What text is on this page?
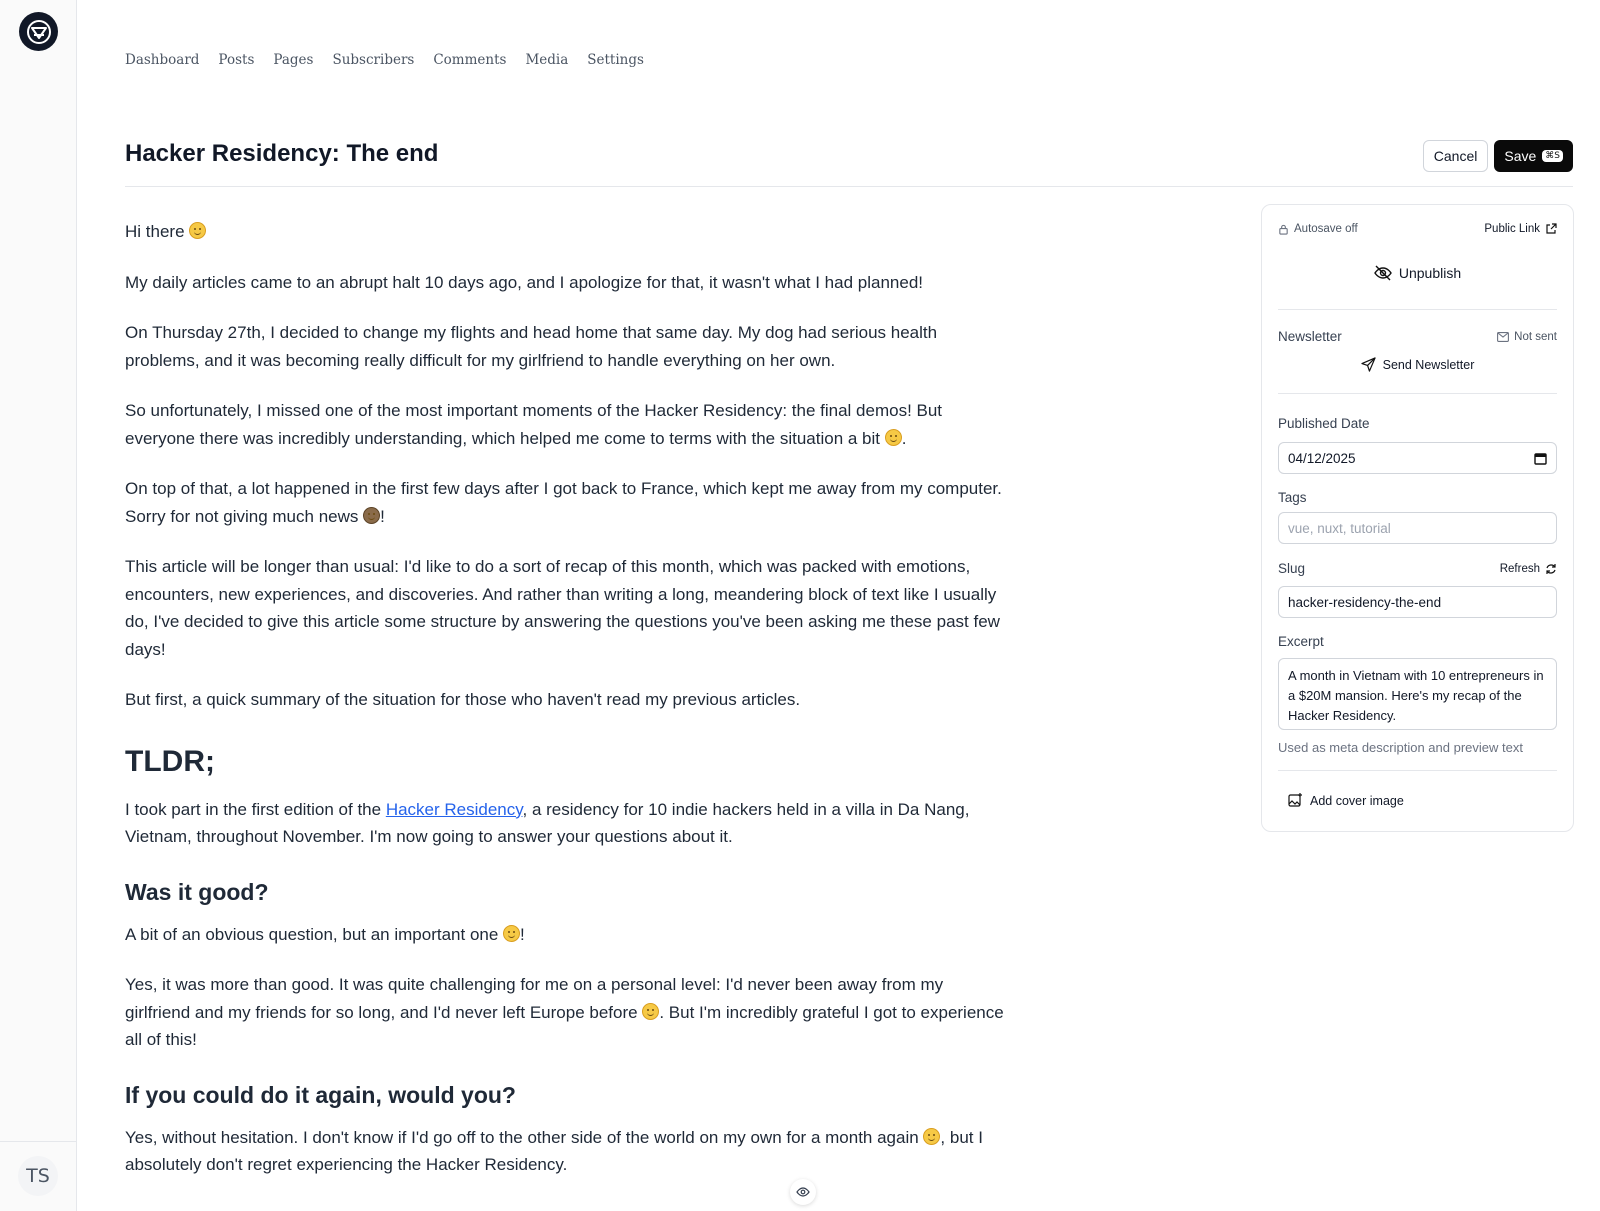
TS
Dashboard Posts Pages Subscribers Comments Media Settings
Hacker Residency: The end	Cancel	Save	⌘S

Hi there

My daily articles came to an abrupt halt 10 days ago, and I apologize for that, it wasn't what I had planned!

On Thursday 27th, I decided to change my flights and head home that same day. My dog had serious health problems, and it was becoming really difficult for my girlfriend to handle everything on her own.

So unfortunately, I missed one of the most important moments of the Hacker Residency: the final demos! But everyone there was incredibly understanding, which helped me come to terms with the situation a bit .

On top of that, a lot happened in the first few days after I got back to France, which kept me away from my computer. Sorry for not giving much news !

This article will be longer than usual: I'd like to do a sort of recap of this month, which was packed with emotions, encounters, new experiences, and discoveries. And rather than writing a long, meandering block of text like I usually do, I've decided to give this article some structure by answering the questions you've been asking me these past few days!

But first, a quick summary of the situation for those who haven't read my previous articles.

TLDR;

I took part in the first edition of the Hacker Residency, a residency for 10 indie hackers held in a villa in Da Nang, Vietnam, throughout November. I'm now going to answer your questions about it.

Was it good?

A bit of an obvious question, but an important one !

Yes, it was more than good. It was quite challenging for me on a personal level: I'd never been away from my girlfriend and my friends for so long, and I'd never left Europe before . But I'm incredibly grateful I got to experience all of this!

If you could do it again, would you?

Yes, without hesitation. I don't know if I'd go off to the other side of the world on my own for a month again , but I absolutely don't regret experiencing the Hacker Residency.

Autosave off	Public Link
Unpublish
Newsletter	Not sent
Send Newsletter
Published Date
04/12/2025
Tags
vue, nuxt, tutorial
Slug	Refresh
hacker-residency-the-end
Excerpt
A month in Vietnam with 10 entrepreneurs in a $20M mansion. Here's my recap of the Hacker Residency.
Used as meta description and preview text
Add cover image
